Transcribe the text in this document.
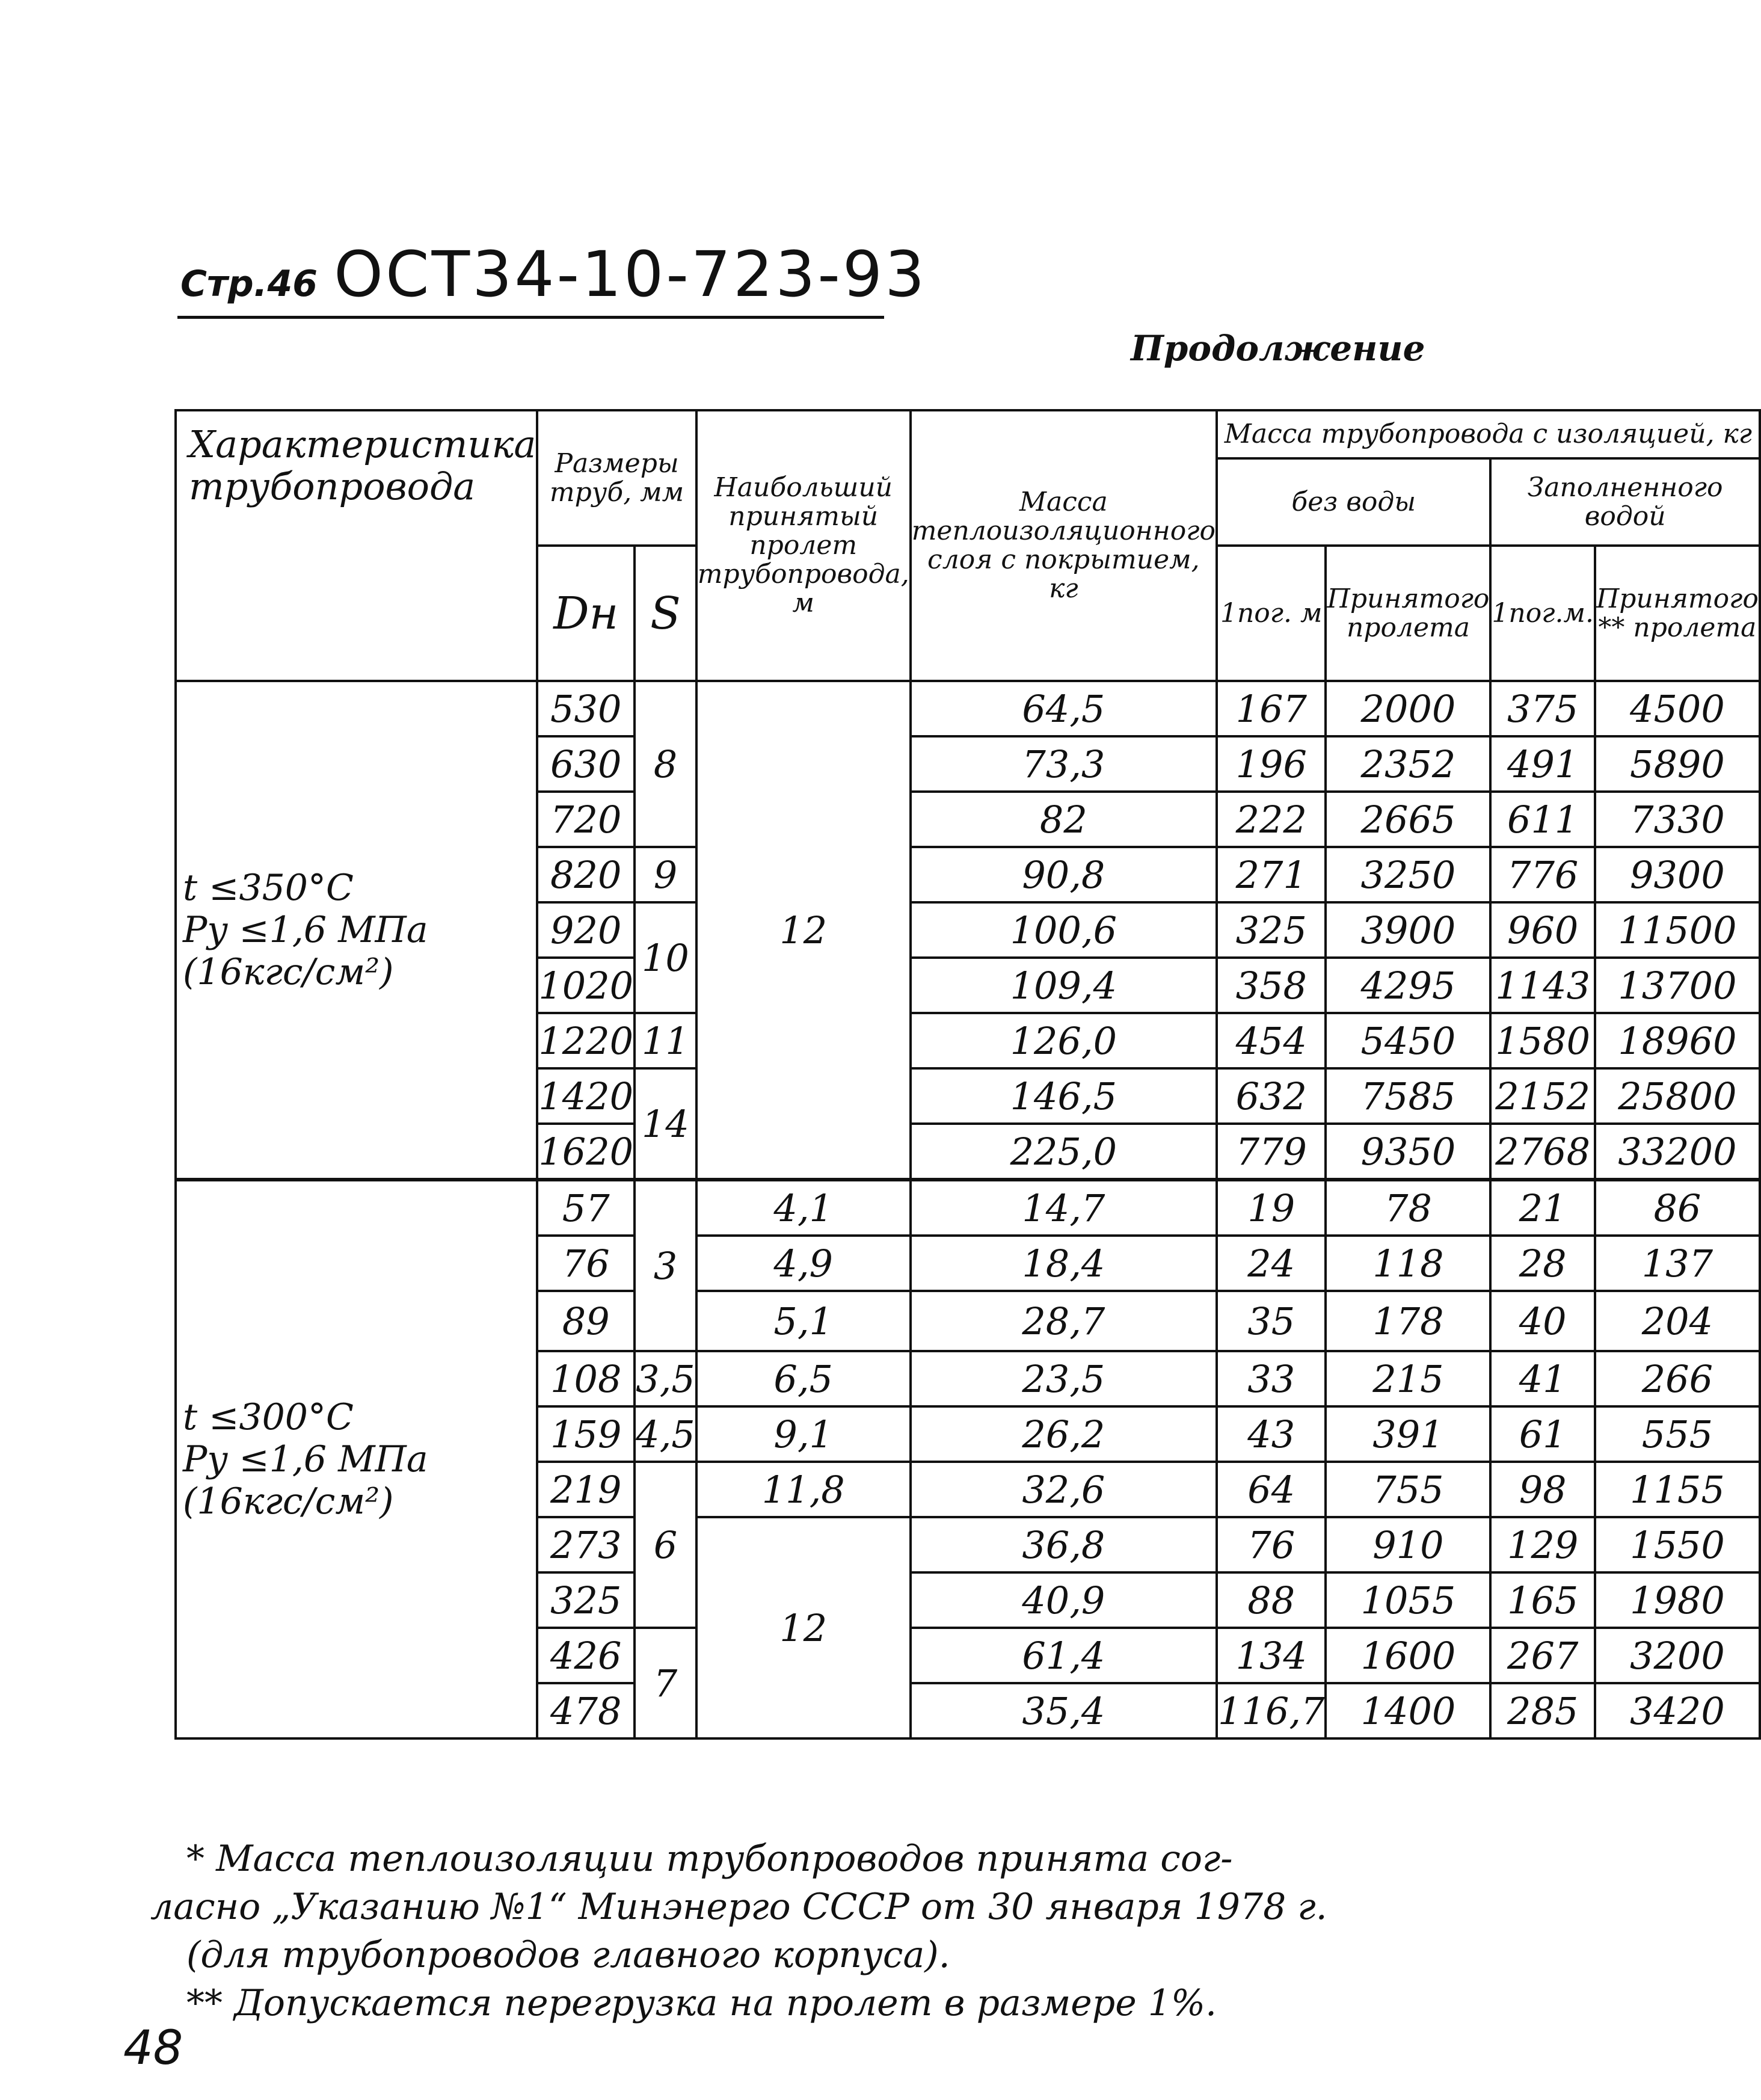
Стр.46 ОСТ34-10-723-93
Продолжение
Характеристика трубопровода	Размеры труб, мм		Наибольший принятый пролет трубопровода, м	Масса теплоизоляционного слоя с покрытием, кг	Масса трубопровода с изоляцией, кг			
					без воды		Заполненного водой	
	Dн	S			1пог. м	Принятого пролета	1пог.м.	Принятого ** пролета

t ≤350°C
Py ≤1,6 МПа
(16кгс/см²)	530	8	12	64,5	167	2000	375	4500
	630			73,3	196	2352	491	5890
	720			82	222	2665	611	7330
	820	9		90,8	271	3250	776	9300
	920	10		100,6	325	3900	960	11500
	1020			109,4	358	4295	1143	13700
	1220	11		126,0	454	5450	1580	18960
	1420	14		146,5	632	7585	2152	25800
	1620			225,0	779	9350	2768	33200

t ≤300°C
Py ≤1,6 МПа
(16кгс/см²)	57	3	4,1	14,7	19	78	21	86
	76		4,9	18,4	24	118	28	137
	89		5,1	28,7	35	178	40	204
	108	3,5	6,5	23,5	33	215	41	266
	159	4,5	9,1	26,2	43	391	61	555
	219	6	11,8	32,6	64	755	98	1155
	273		12	36,8	76	910	129	1550
	325			40,9	88	1055	165	1980
	426	7		61,4	134	1600	267	3200
	478			35,4	116,7	1400	285	3420
* Масса теплоизоляции трубопроводов принята сог-
ласно „Указанию №1“ Минэнерго СССР от 30 января 1978 г.
(для трубопроводов главного корпуса).
** Допускается перегрузка на пролет в размере 1%.
48
